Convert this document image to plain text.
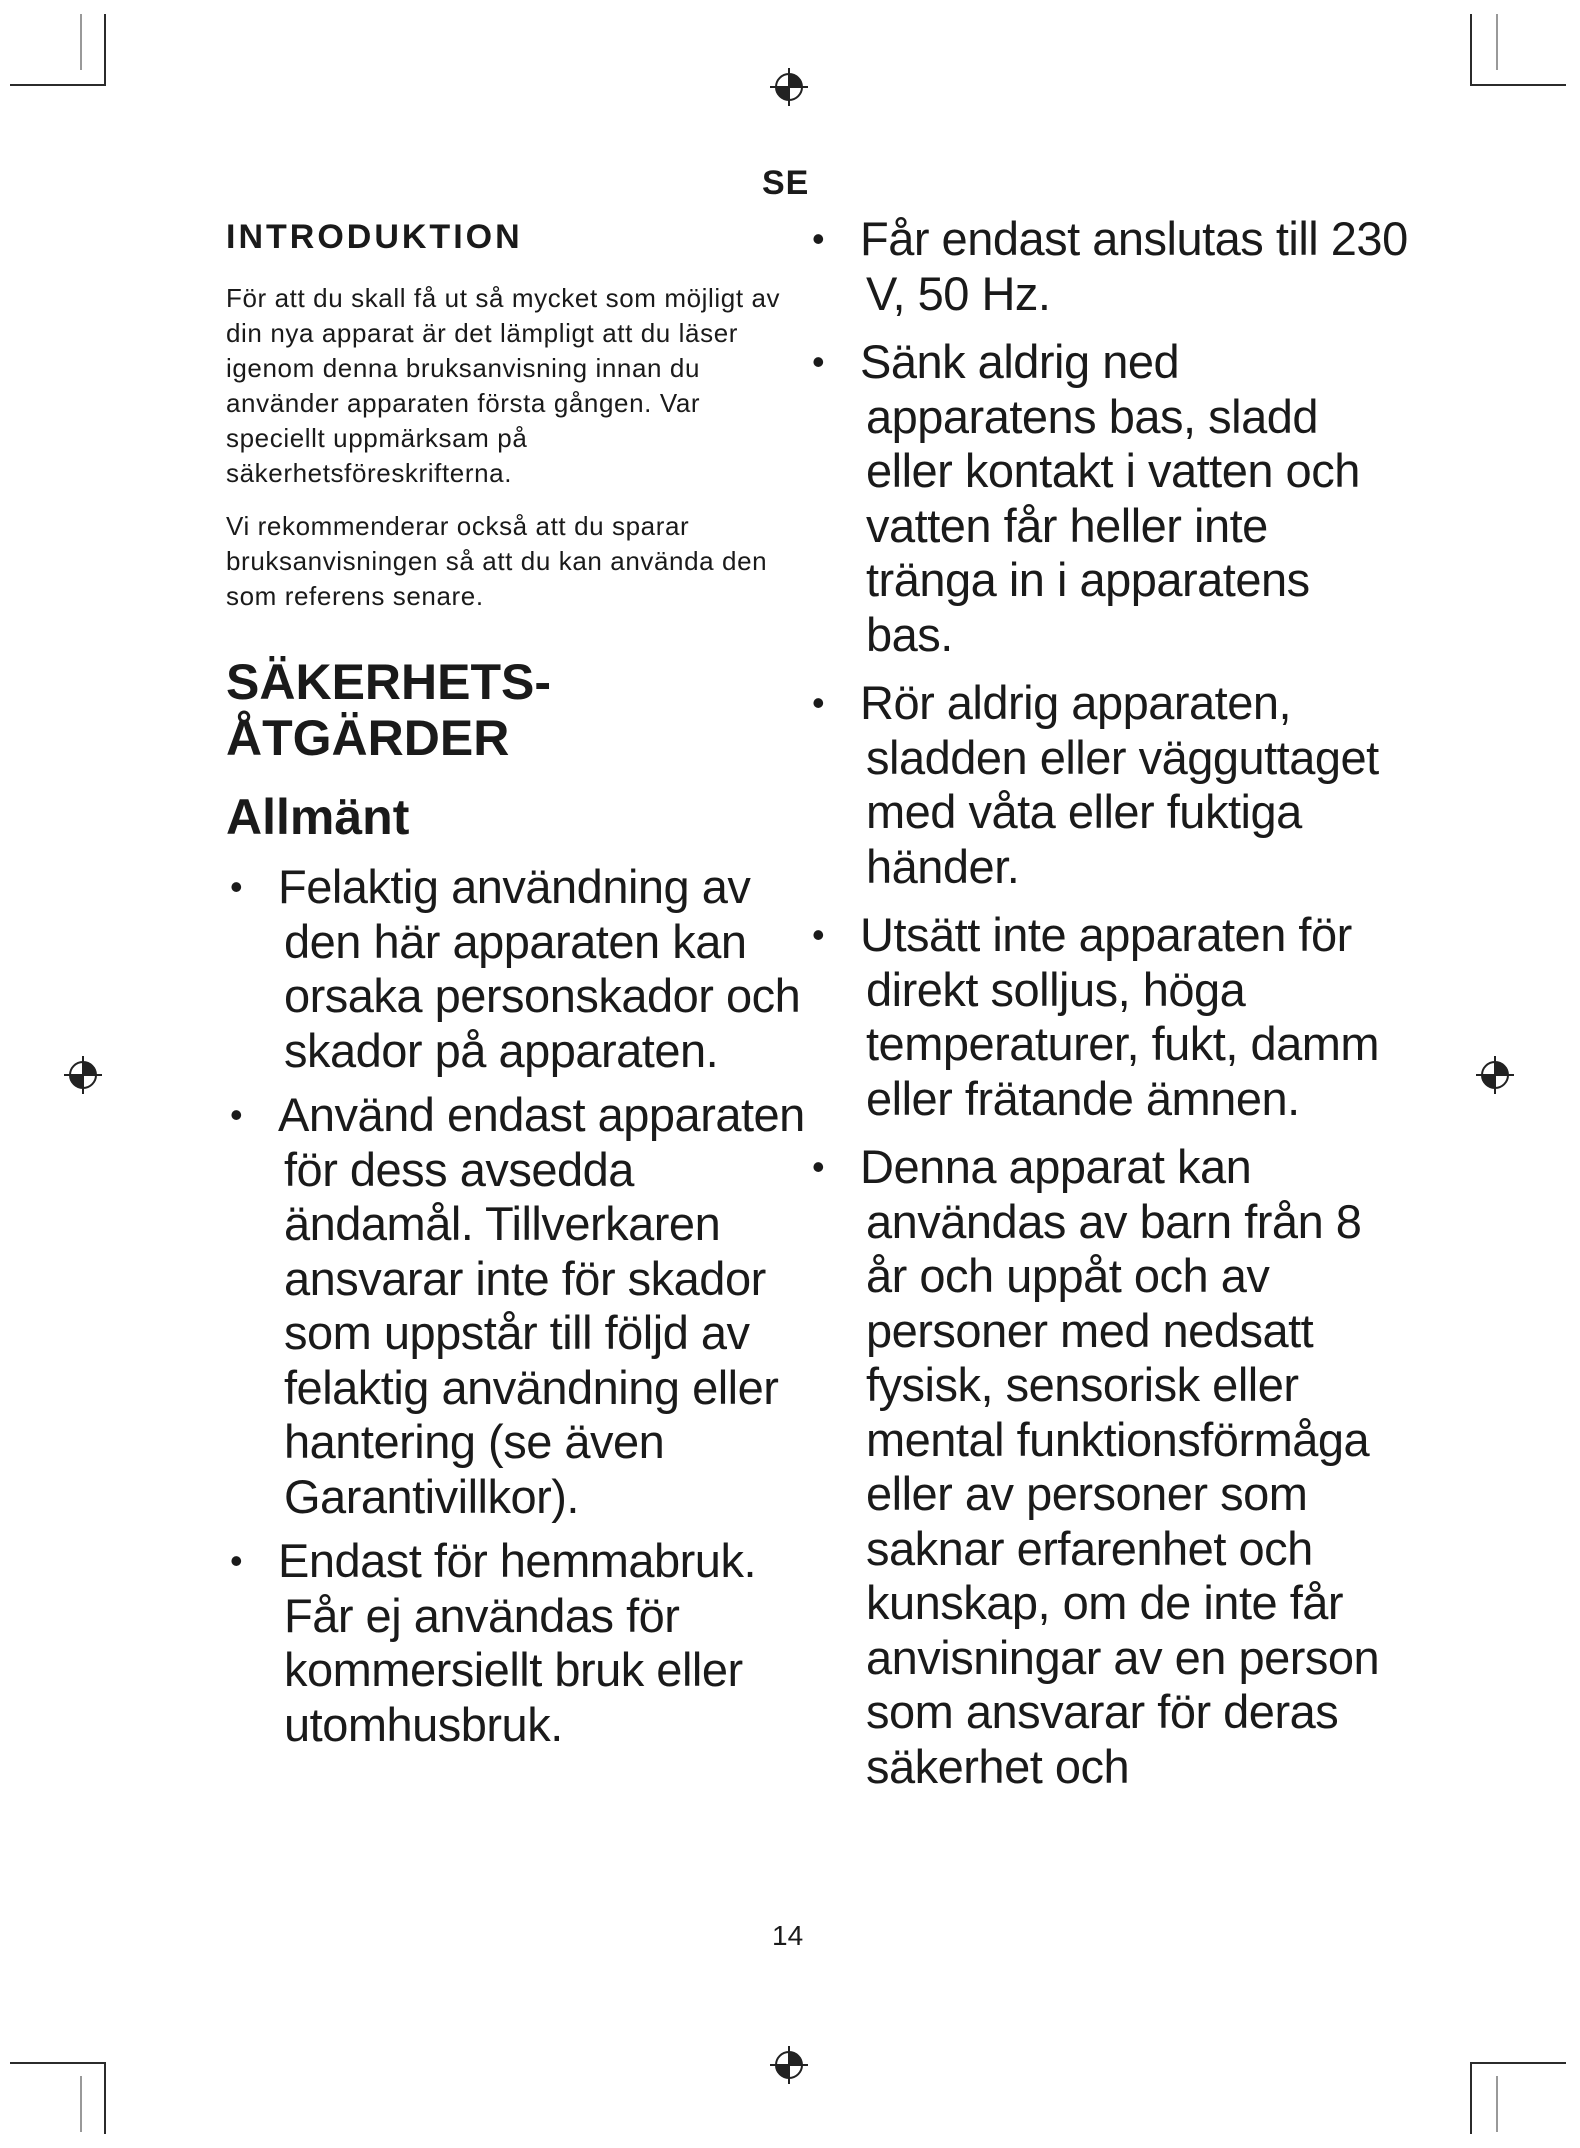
SE
INTRODUKTION

För att du skall få ut så mycket som möjligt av din nya apparat är det lämpligt att du läser igenom denna bruksanvisning innan du använder apparaten första gången. Var speciellt uppmärksam på säkerhetsföreskrifterna.

Vi rekommenderar också att du sparar bruksanvisningen så att du kan använda den som referens senare.

SÄKERHETS-
ÅTGÄRDER
Allmänt
• Felaktig användning av den här apparaten kan orsaka personskador och skador på apparaten.
• Använd endast apparaten för dess avsedda ändamål. Tillverkaren ansvarar inte för skador som uppstår till följd av felaktig användning eller hantering (se även Garantivillkor).
• Endast för hemmabruk. Får ej användas för kommersiellt bruk eller utomhusbruk.
• Får endast anslutas till 230 V, 50 Hz.
• Sänk aldrig ned apparatens bas, sladd eller kontakt i vatten och vatten får heller inte tränga in i apparatens bas.
• Rör aldrig apparaten, sladden eller vägguttaget med våta eller fuktiga händer.
• Utsätt inte apparaten för direkt solljus, höga temperaturer, fukt, damm eller frätande ämnen.
• Denna apparat kan användas av barn från 8 år och uppåt och av personer med nedsatt fysisk, sensorisk eller mental funktionsförmåga eller av personer som saknar erfarenhet och kunskap, om de inte får anvisningar av en person som ansvarar för deras säkerhet och
14
